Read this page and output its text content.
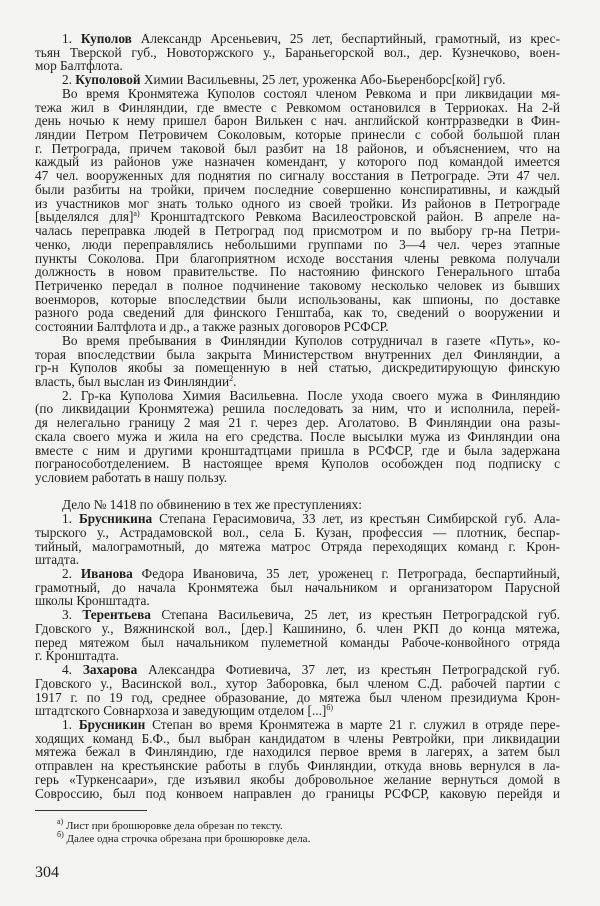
1. Куполов Александр Арсеньевич, 25 лет, беспартийный, грамотный, из крес-
тьян Тверской губ., Новоторжского у., Бараньегорской вол., дер. Кузнечково, воен-
мор Балтфлота.
2. Куполовой Химии Васильевны, 25 лет, уроженка Або-Бьеренборс[кой] губ.
Во время Кронмятежа Куполов состоял членом Ревкома и при ликвидации мя-
тежа жил в Финляндии, где вместе с Ревкомом остановился в Терриоках. На 2-й
день ночью к нему пришел барон Вилькен с нач. английской контрразведки в Фин-
ляндии Петром Петровичем Соколовым, которые принесли с собой большой план
г. Петрограда, причем таковой был разбит на 18 районов, и объяснением, что на
каждый из районов уже назначен комендант, у которого под командой имеется
47 чел. вооруженных для поднятия по сигналу восстания в Петрограде. Эти 47 чел.
были разбиты на тройки, причем последние совершенно конспиративны, и каждый
из участников мог знать только одного из своей тройки. Из районов в Петрограде
[выделялся для]$^{а)}$ Кронштадтского Ревкома Василеостровской район. В апреле на-
чалась переправка людей в Петроград под присмотром и по выбору гр-на Петри-
ченко, люди переправлялись небольшими группами по 3—4 чел. через этапные
пункты Соколова. При благоприятном исходе восстания члены ревкома получали
должность в новом правительстве. По настоянию финского Генерального штаба
Петриченко передал в полное подчинение таковому несколько человек из бывших
военморов, которые впоследствии были использованы, как шпионы, по доставке
разного рода сведений для финского Генштаба, как то, сведений о вооружении и
состоянии Балтфлота и др., а также разных договоров РСФСР.
Во время пребывания в Финляндии Куполов сотрудничал в газете «Путь», ко-
торая впоследствии была закрыта Министерством внутренних дел Финляндии, а
гр-н Куполов якобы за помещенную в ней статью, дискредитирующую финскую
власть, был выслан из Финляндии$^2$.
2. Гр-ка Куполова Химия Васильевна. После ухода своего мужа в Финляндию
(по ликвидации Кронмятежа) решила последовать за ним, что и исполнила, перей-
дя нелегально границу 2 мая 21 г. через дер. Аголатово. В Финляндии она разы-
скала своего мужа и жила на его средства. После высылки мужа из Финляндии она
вместе с ним и другими кронштадтцами пришла в РСФСР, где и была задержана
погранособотделением. В настоящее время Куполов особожден под подписку с
условием работать в нашу пользу.
Дело № 1418 по обвинению в тех же преступлениях:
1. Брусникина Степана Герасимовича, 33 лет, из крестьян Симбирской губ. Ала-
тырского у., Астрадамовской вол., села Б. Кузан, профессия — плотник, беспар-
тийный, малограмотный, до мятежа матрос Отряда переходящих команд г. Крон-
штадта.
2. Иванова Федора Ивановича, 35 лет, уроженец г. Петрограда, беспартийный,
грамотный, до начала Кронмятежа был начальником и организатором Парусной
школы Кронштадта.
3. Терентьева Степана Васильевича, 25 лет, из крестьян Петроградской губ.
Гдовского у., Вяжнинской вол., [дер.] Кашинино, б. член РКП до конца мятежа,
перед мятежом был начальником пулеметной команды Рабоче-конвойного отряда
г. Кронштадта.
4. Захарова Александра Фотиевича, 37 лет, из крестьян Петроградской губ.
Гдовского у., Васинской вол., хутор Заборовка, был членом С.Д. рабочей партии с
1917 г. по 19 год, среднее образование, до мятежа был членом президиума Крон-
штадтского Совнархоза и заведующим отделом [...]$^{б)}$
1. Брусникин Степан во время Кронмятежа в марте 21 г. служил в отряде пере-
ходящих команд Б.Ф., был выбран кандидатом в члены Ревтройки, при ликвидации
мятежа бежал в Финляндию, где находился первое время в лагерях, а затем был
отправлен на крестьянские работы в глубь Финляндии, откуда вновь вернулся в ла-
герь «Туркенсаари», где изъявил якобы добровольное желание вернуться домой в
Совроссию, был под конвоем направлен до границы РСФСР, каковую перейдя и
$^{а)}$ Лист при брошюровке дела обрезан по тексту.
$^{б)}$ Далее одна строчка обрезана при брошюровке дела.
304
